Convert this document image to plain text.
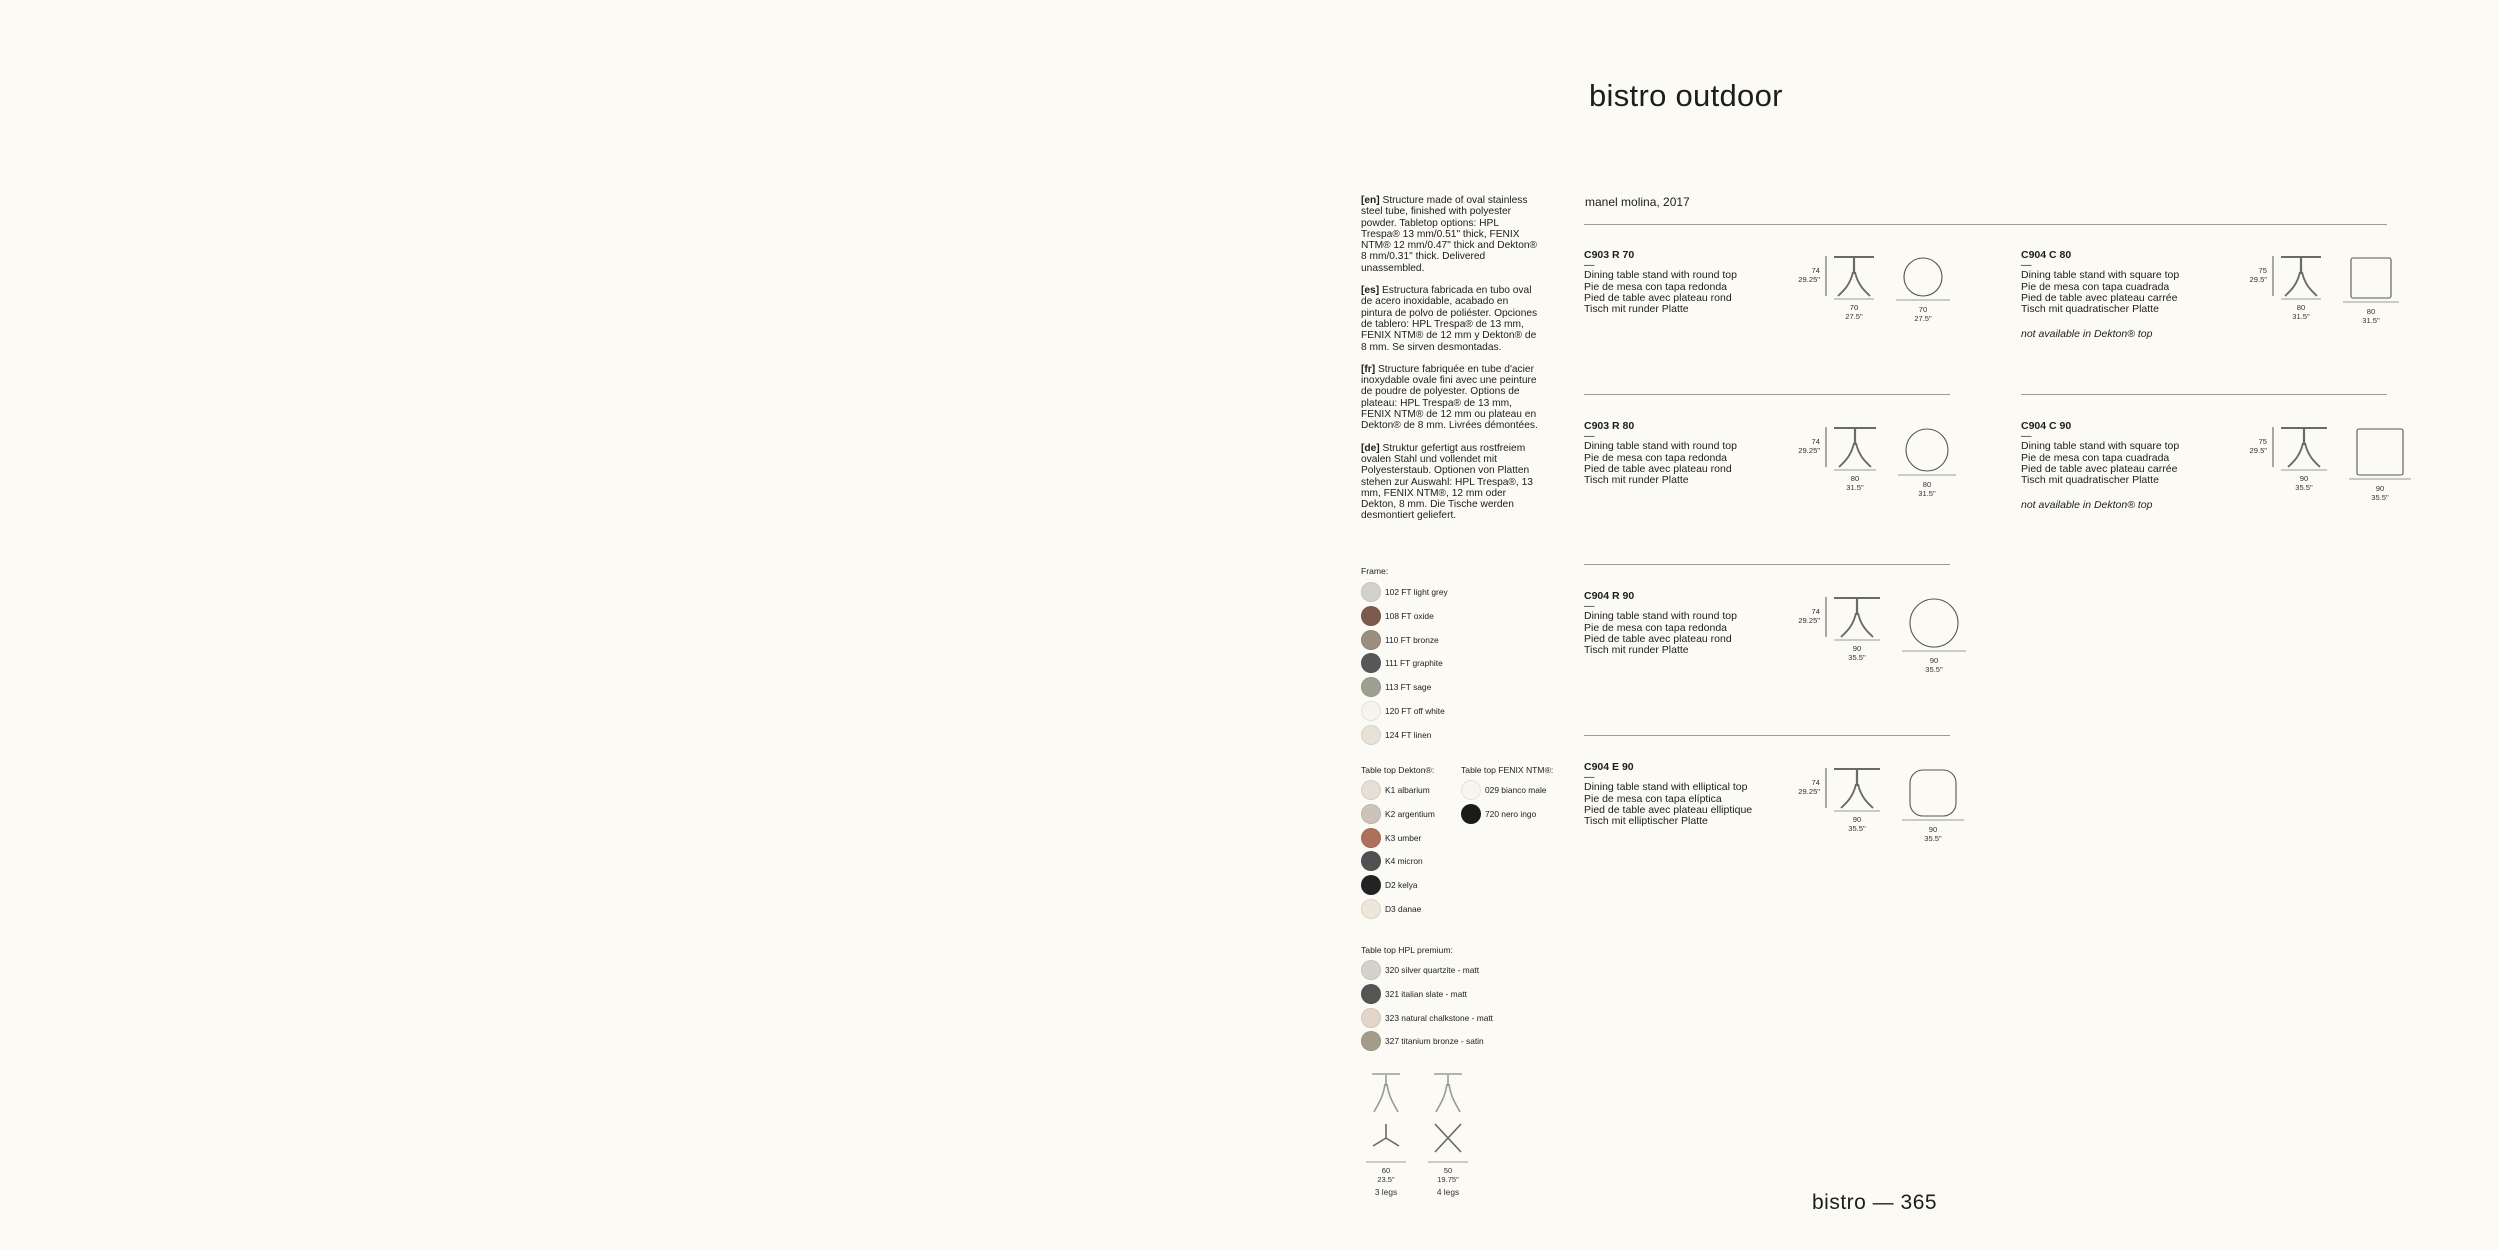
bistro outdoor
manel molina, 2017
[en] Structure made of oval stainless steel tube, finished with polyester powder. Tabletop options: HPL Trespa® 13 mm/0.51" thick, FENIX NTM® 12 mm/0.47" thick and Dekton® 8 mm/0.31" thick. Delivered unassembled.
[es] Estructura fabricada en tubo oval de acero inoxidable, acabado en pintura de polvo de poliéster. Opciones de tablero: HPL Trespa® de 13 mm, FENIX NTM® de 12 mm y Dekton® de 8 mm. Se sirven desmontadas.
[fr] Structure fabriquée en tube d'acier inoxydable ovale fini avec une peinture de poudre de polyester. Options de plateau: HPL Trespa® de 13 mm, FENIX NTM® de 12 mm ou plateau en Dekton® de 8 mm. Livrées démontées.
[de] Struktur gefertigt aus rostfreiem ovalen Stahl und vollendet mit Polyesterstaub. Optionen von Platten stehen zur Auswahl: HPL Trespa®, 13 mm, FENIX NTM®, 12 mm oder Dekton, 8 mm. Die Tische werden desmontiert geliefert.
Frame:
Table top Dekton®:	Table top FENIX NTM®:
Table top HPL premium:
102 FT light grey
108 FT oxide
110 FT bronze
111 FT graphite
113 FT sage
120 FT off white
124 FT linen
K1 albarium
K2 argentium
K3 umber
K4 micron
D2 kelya
D3 danae
029 bianco male
720 nero ingo
320 silver quartzite - matt
321 italian slate - matt
323 natural chalkstone - matt
327 titanium bronze - satin
60
23.5"
3 legs
50
19.75"
4 legs
C903 R 70
—
Dining table stand with round top
Pie de mesa con tapa redonda
Pied de table avec plateau rond
Tisch mit runder Platte
74
29.25"
70
27.5"
70
27.5"
C903 R 80
—
Dining table stand with round top
Pie de mesa con tapa redonda
Pied de table avec plateau rond
Tisch mit runder Platte
74
29.25"
80
31.5"	80
31.5"
C904 R 90
—
Dining table stand with round top
Pie de mesa con tapa redonda
Pied de table avec plateau rond
Tisch mit runder Platte
74
29.25"
90
35.5"	90
35.5"
C904 E 90
—
Dining table stand with elliptical top
Pie de mesa con tapa elíptica
Pied de table avec plateau elliptique
Tisch mit elliptischer Platte
74
29.25"
90
35.5"	90
35.5"
C904 C 80
—
Dining table stand with square top
Pie de mesa con tapa cuadrada
Pied de table avec plateau carrée
Tisch mit quadratischer Platte
not available in Dekton® top
75
29.5"
80
31.5"
80
31.5"
C904 C 90
—
Dining table stand with square top
Pie de mesa con tapa cuadrada
Pied de table avec plateau carrée
Tisch mit quadratischer Platte
not available in Dekton® top
75
29.5"
90
35.5"	90
35.5"
bistro — 365
